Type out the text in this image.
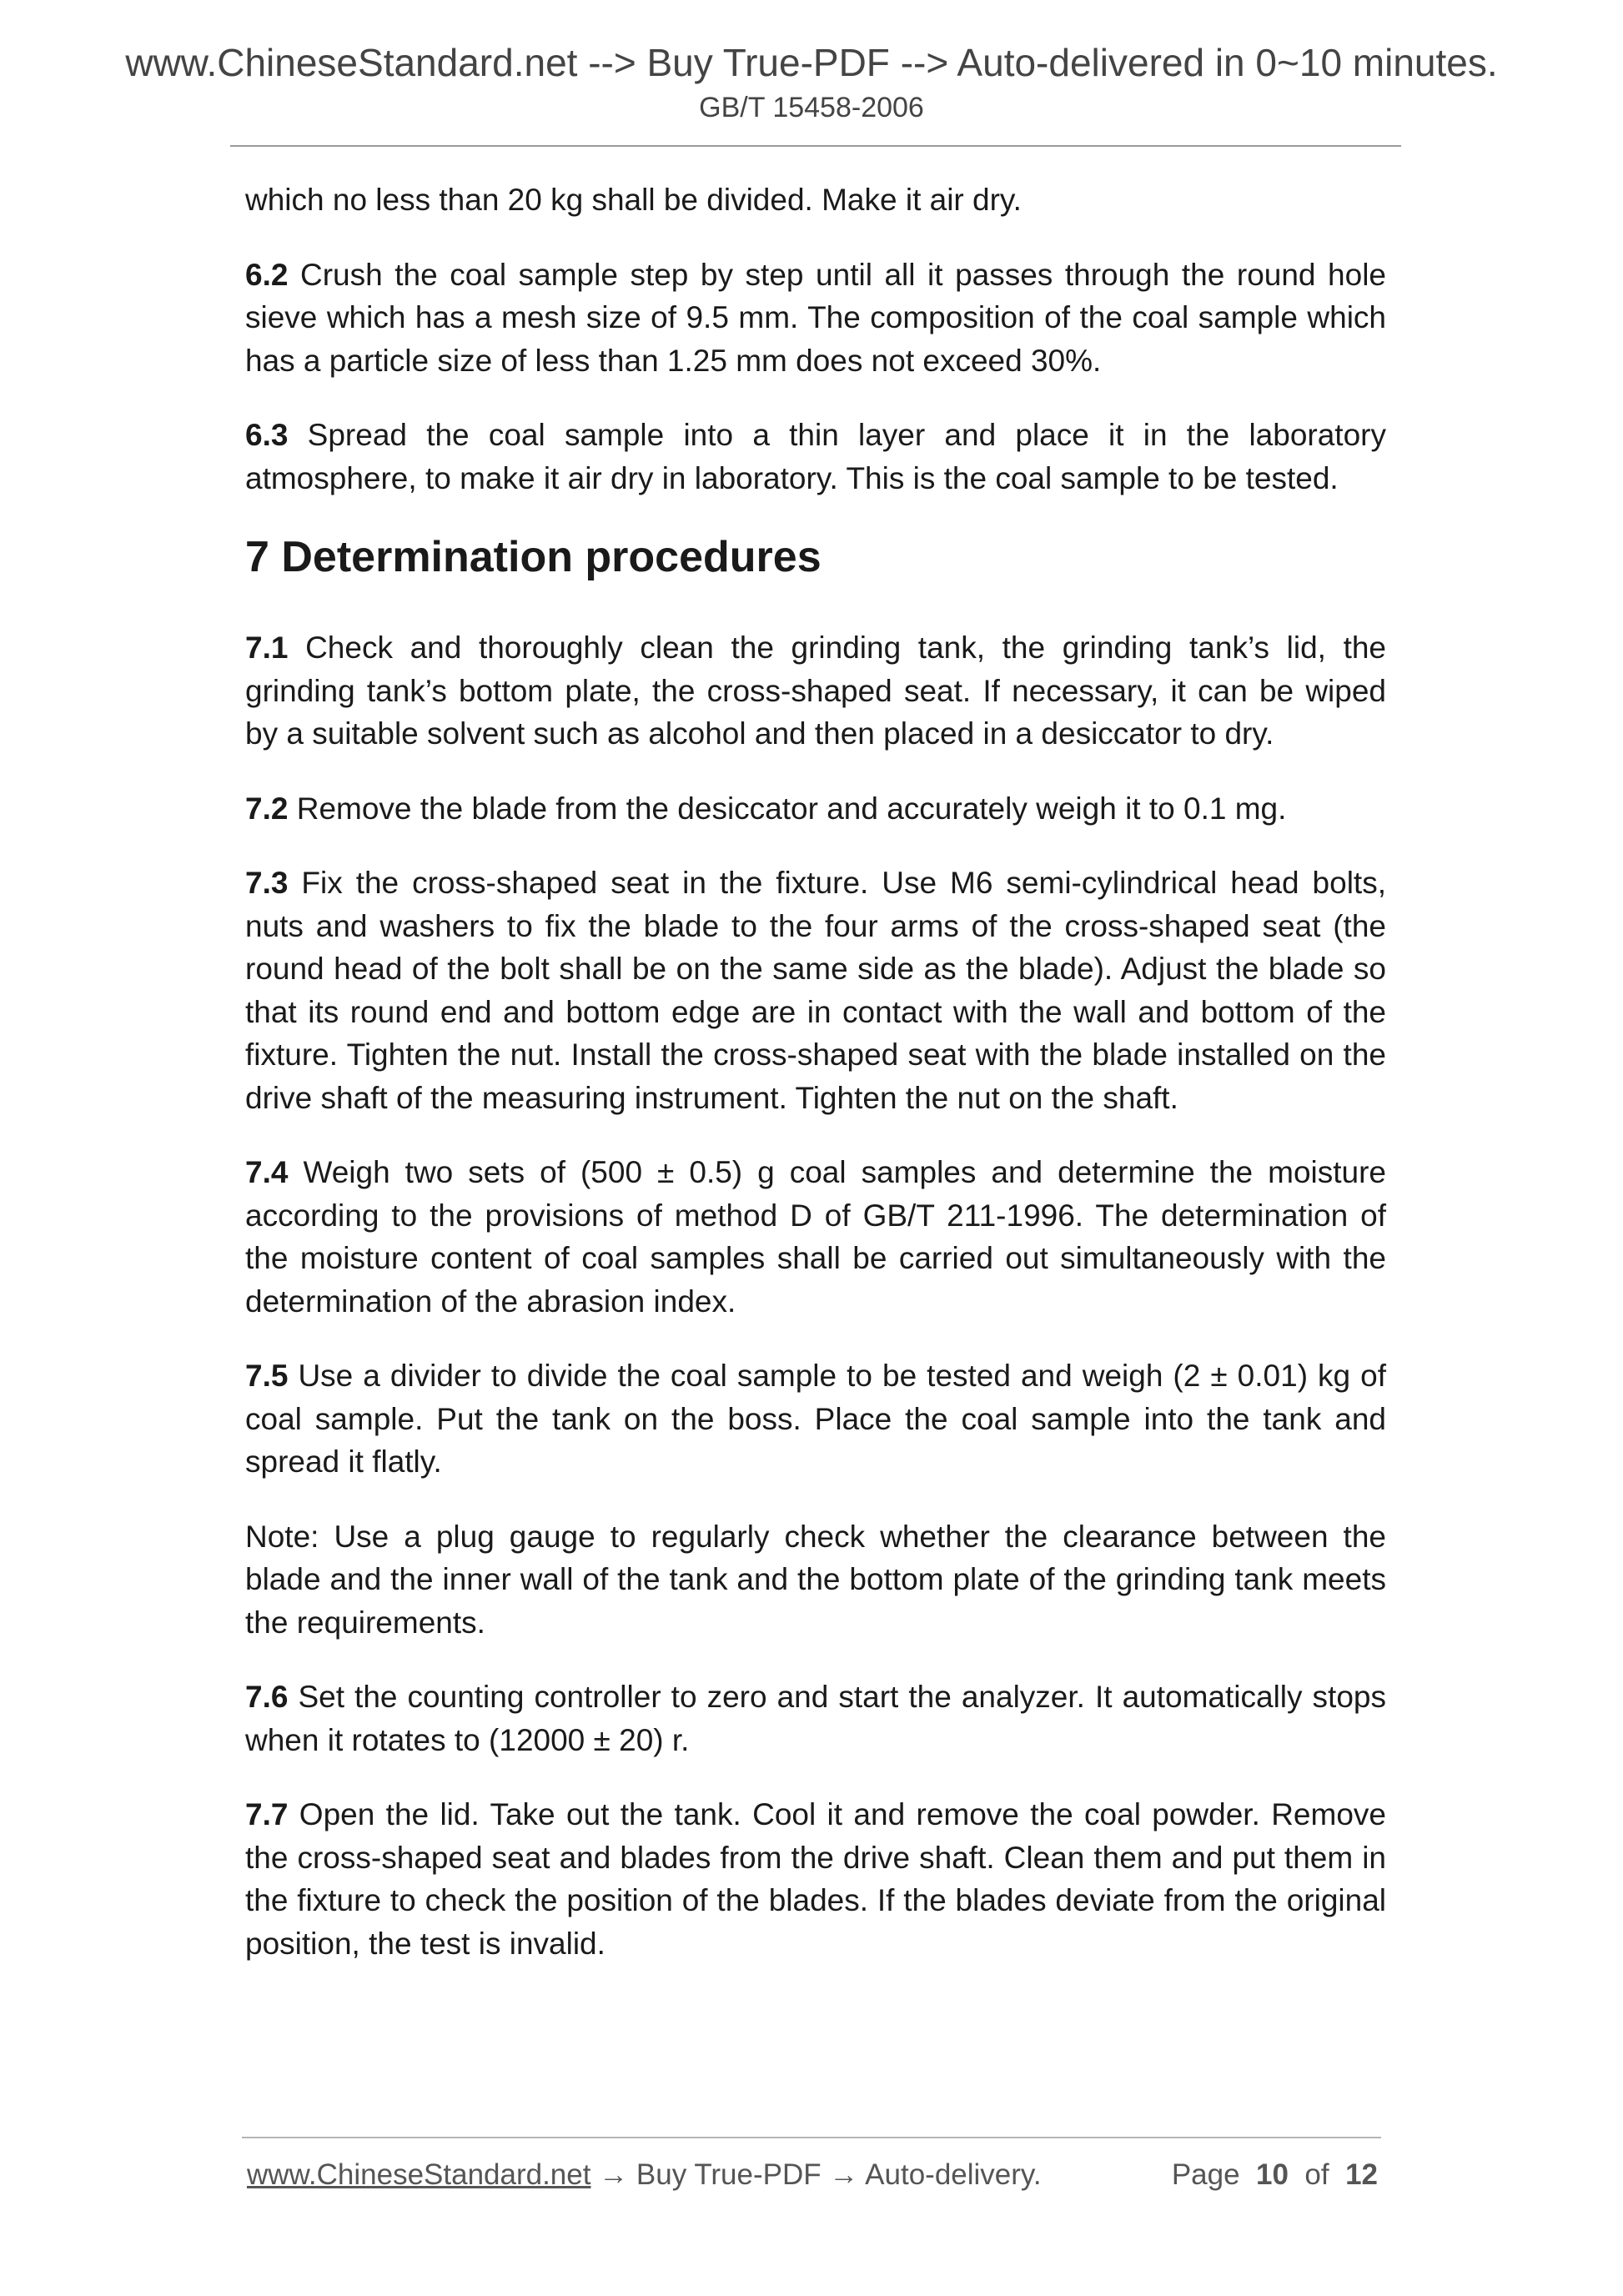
www.ChineseStandard.net --> Buy True-PDF --> Auto-delivered in 0~10 minutes.
GB/T 15458-2006

which no less than 20 kg shall be divided. Make it air dry.

6.2 Crush the coal sample step by step until all it passes through the round hole sieve which has a mesh size of 9.5 mm. The composition of the coal sample which has a particle size of less than 1.25 mm does not exceed 30%.

6.3 Spread the coal sample into a thin layer and place it in the laboratory atmosphere, to make it air dry in laboratory. This is the coal sample to be tested.

7 Determination procedures

7.1 Check and thoroughly clean the grinding tank, the grinding tank’s lid, the grinding tank’s bottom plate, the cross-shaped seat. If necessary, it can be wiped by a suitable solvent such as alcohol and then placed in a desiccator to dry.

7.2 Remove the blade from the desiccator and accurately weigh it to 0.1 mg.

7.3 Fix the cross-shaped seat in the fixture. Use M6 semi-cylindrical head bolts, nuts and washers to fix the blade to the four arms of the cross-shaped seat (the round head of the bolt shall be on the same side as the blade). Adjust the blade so that its round end and bottom edge are in contact with the wall and bottom of the fixture. Tighten the nut. Install the cross-shaped seat with the blade installed on the drive shaft of the measuring instrument. Tighten the nut on the shaft.

7.4 Weigh two sets of (500 ± 0.5) g coal samples and determine the moisture according to the provisions of method D of GB/T 211-1996. The determination of the moisture content of coal samples shall be carried out simultaneously with the determination of the abrasion index.

7.5 Use a divider to divide the coal sample to be tested and weigh (2 ± 0.01) kg of coal sample. Put the tank on the boss. Place the coal sample into the tank and spread it flatly.

Note: Use a plug gauge to regularly check whether the clearance between the blade and the inner wall of the tank and the bottom plate of the grinding tank meets the requirements.

7.6 Set the counting controller to zero and start the analyzer. It automatically stops when it rotates to (12000 ± 20) r.

7.7 Open the lid. Take out the tank. Cool it and remove the coal powder. Remove the cross-shaped seat and blades from the drive shaft. Clean them and put them in the fixture to check the position of the blades. If the blades deviate from the original position, the test is invalid.

www.ChineseStandard.net → Buy True-PDF → Auto-delivery.	Page 10 of 12
